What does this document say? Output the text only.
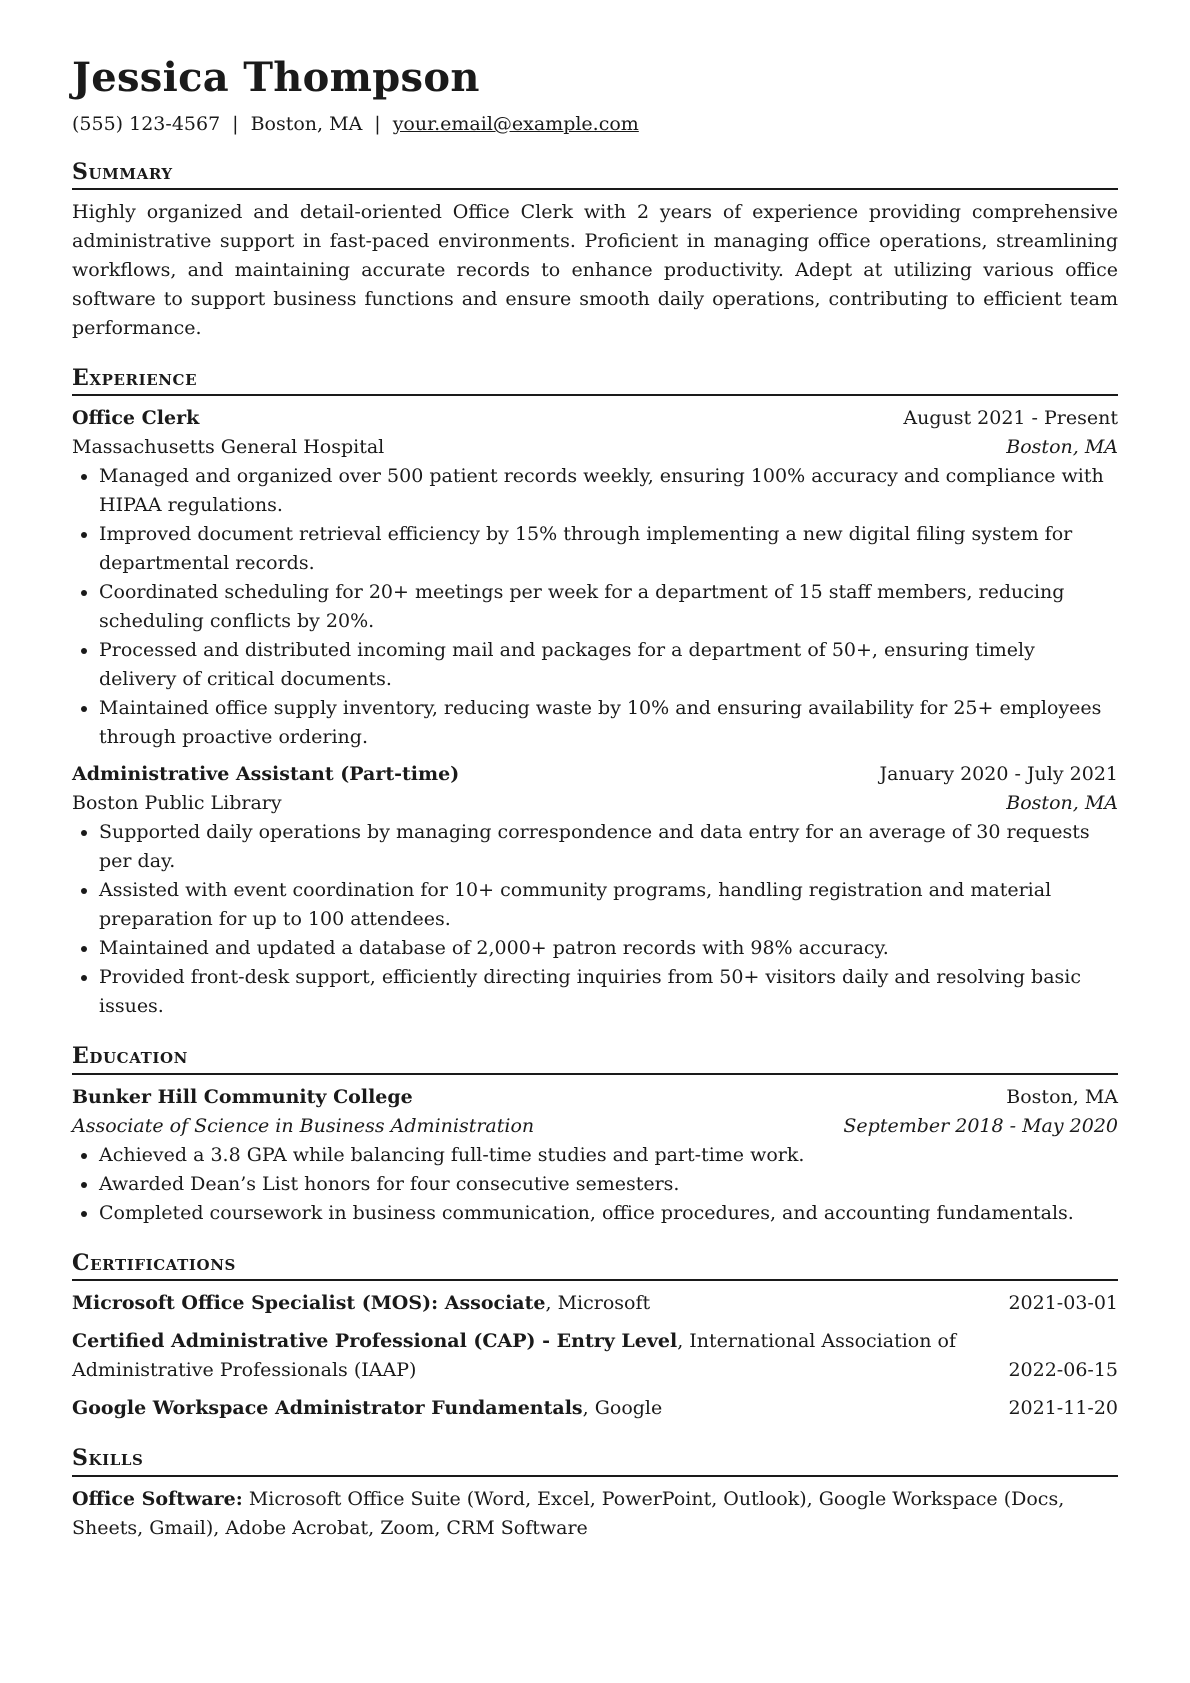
Jessica Thompson
(555) 123-4567 | Boston, MA | your.email@example.com
Summary
Highly organized and detail-oriented Office Clerk with 2 years of experience providing comprehensive administrative support in fast-paced environments. Proficient in managing office operations, streamlining workflows, and maintaining accurate records to enhance productivity. Adept at utilizing various office software to support business functions and ensure smooth daily operations, contributing to efficient team performance.
Experience
Office Clerk	August 2021 - Present
Massachusetts General Hospital	Boston, MA
• Managed and organized over 500 patient records weekly, ensuring 100% accuracy and compliance with HIPAA regulations.
• Improved document retrieval efficiency by 15% through implementing a new digital filing system for departmental records.
• Coordinated scheduling for 20+ meetings per week for a department of 15 staff members, reducing scheduling conflicts by 20%.
• Processed and distributed incoming mail and packages for a department of 50+, ensuring timely delivery of critical documents.
• Maintained office supply inventory, reducing waste by 10% and ensuring availability for 25+ employees through proactive ordering.
Administrative Assistant (Part-time)	January 2020 - July 2021
Boston Public Library	Boston, MA
• Supported daily operations by managing correspondence and data entry for an average of 30 requests per day.
• Assisted with event coordination for 10+ community programs, handling registration and material preparation for up to 100 attendees.
• Maintained and updated a database of 2,000+ patron records with 98% accuracy.
• Provided front-desk support, efficiently directing inquiries from 50+ visitors daily and resolving basic issues.
Education
Bunker Hill Community College	Boston, MA
Associate of Science in Business Administration	September 2018 - May 2020
• Achieved a 3.8 GPA while balancing full-time studies and part-time work.
• Awarded Dean’s List honors for four consecutive semesters.
• Completed coursework in business communication, office procedures, and accounting fundamentals.
Certifications
Microsoft Office Specialist (MOS): Associate, Microsoft	2021-03-01
Certified Administrative Professional (CAP) - Entry Level, International Association of Administrative Professionals (IAAP)	2022-06-15
Google Workspace Administrator Fundamentals, Google	2021-11-20
Skills
Office Software: Microsoft Office Suite (Word, Excel, PowerPoint, Outlook), Google Workspace (Docs, Sheets, Gmail), Adobe Acrobat, Zoom, CRM Software
